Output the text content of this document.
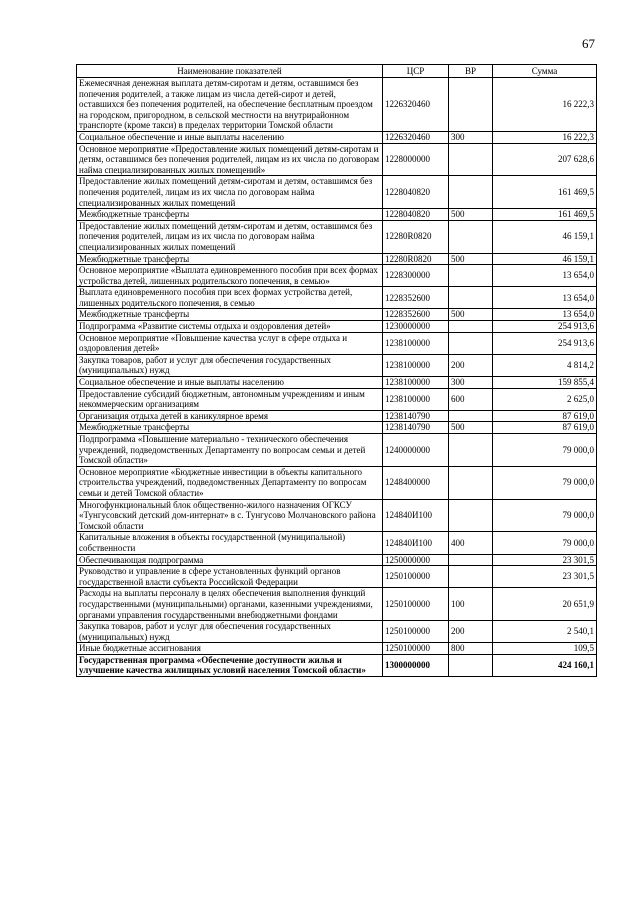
67
Наименование показателей	ЦСР	ВР	Сумма
Ежемесячная денежная выплата детям-сиротам и детям, оставшимся без попечения родителей, а также лицам из числа детей-сирот и детей, оставшихся без попечения родителей, на обеспечение бесплатным проездом на городском, пригородном, в сельской местности на внутрирайонном транспорте (кроме такси) в пределах территории Томской области	1226320460		16 222,3
Социальное обеспечение и иные выплаты населению	1226320460	300	16 222,3
Основное мероприятие «Предоставление жилых помещений детям-сиротам и детям, оставшимся без попечения родителей, лицам из их числа по договорам найма специализированных жилых помещений»	1228000000		207 628,6
Предоставление жилых помещений детям-сиротам и детям, оставшимся без попечения родителей, лицам из их числа по договорам найма специализированных жилых помещений	1228040820		161 469,5
Межбюджетные трансферты	1228040820	500	161 469,5
Предоставление жилых помещений детям-сиротам и детям, оставшимся без попечения родителей, лицам из их числа по договорам найма специализированных жилых помещений	12280R0820		46 159,1
Межбюджетные трансферты	12280R0820	500	46 159,1
Основное мероприятие «Выплата единовременного пособия при всех формах устройства детей, лишенных родительского попечения, в семью»	1228300000		13 654,0
Выплата единовременного пособия при всех формах устройства детей, лишенных родительского попечения, в семью	1228352600		13 654,0
Межбюджетные трансферты	1228352600	500	13 654,0
Подпрограмма «Развитие системы отдыха и оздоровления детей»	1230000000		254 913,6
Основное мероприятие «Повышение качества услуг в сфере отдыха и оздоровления детей»	1238100000		254 913,6
Закупка товаров, работ и услуг для обеспечения государственных (муниципальных) нужд	1238100000	200	4 814,2
Социальное обеспечение и иные выплаты населению	1238100000	300	159 855,4
Предоставление субсидий бюджетным, автономным учреждениям и иным некоммерческим организациям	1238100000	600	2 625,0
Организация отдыха детей в каникулярное время	1238140790		87 619,0
Межбюджетные трансферты	1238140790	500	87 619,0
Подпрограмма «Повышение материально - технического обеспечения учреждений, подведомственных Департаменту по вопросам семьи и детей Томской области»	1240000000		79 000,0
Основное мероприятие «Бюджетные инвестиции в объекты капитального строительства учреждений, подведомственных Департаменту по вопросам семьи и детей Томской области»	1248400000		79 000,0
Многофункциональный блок общественно-жилого назначения ОГКСУ «Тунгусовский детский дом-интернат» в с. Тунгусово Молчановского района Томской области	124840И100		79 000,0
Капитальные вложения в объекты государственной (муниципальной) собственности	124840И100	400	79 000,0
Обеспечивающая подпрограмма	1250000000		23 301,5
Руководство и управление в сфере установленных функций органов государственной власти субъекта Российской Федерации	1250100000		23 301,5
Расходы на выплаты персоналу в целях обеспечения выполнения функций государственными (муниципальными) органами, казенными учреждениями, органами управления государственными внебюджетными фондами	1250100000	100	20 651,9
Закупка товаров, работ и услуг для обеспечения государственных (муниципальных) нужд	1250100000	200	2 540,1
Иные бюджетные ассигнования	1250100000	800	109,5
Государственная программа «Обеспечение доступности жилья и улучшение качества жилищных условий населения Томской области»	1300000000		424 160,1
